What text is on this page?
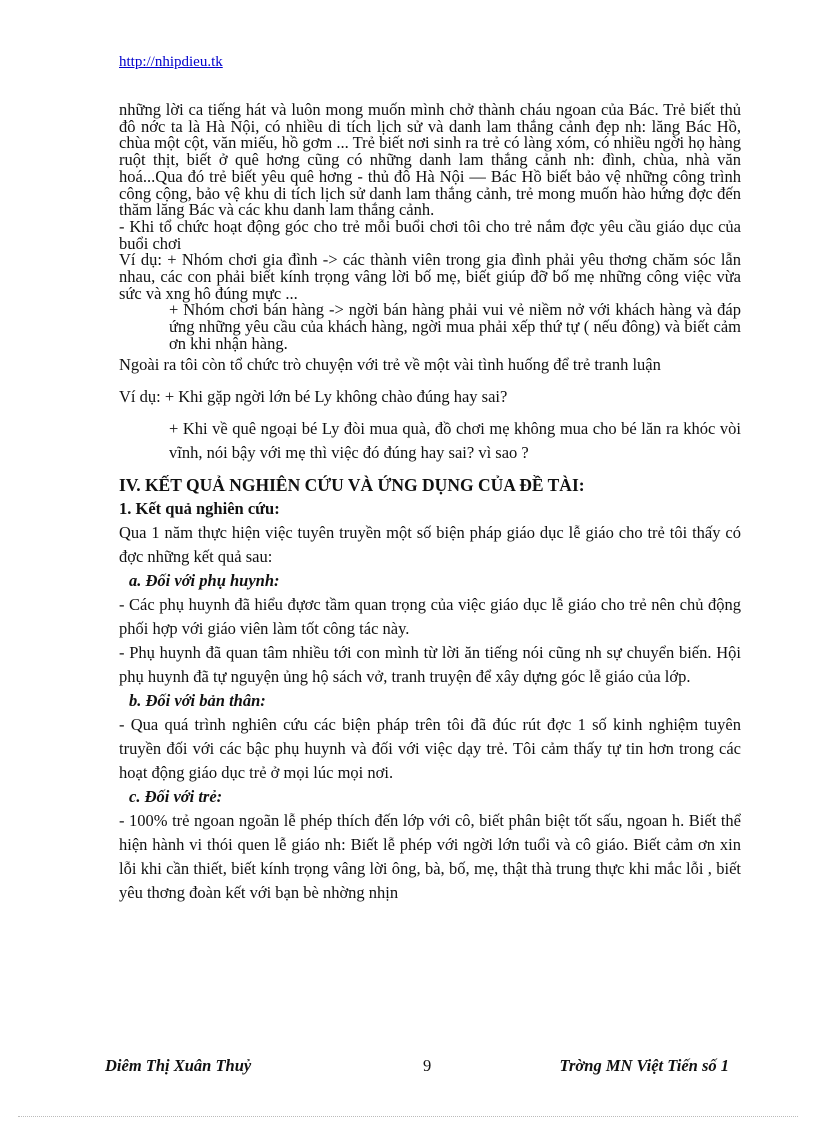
http://nhipdieu.tk

những lời ca tiếng hát và luôn mong muốn mình chở thành cháu ngoan của Bác. Trẻ biết thủ đô nớc ta là Hà Nội, có nhiều di tích lịch sử và danh lam thắng cảnh đẹp nh: lăng Bác Hồ, chùa một cột, văn miếu, hồ gơm ... Trẻ biết nơi sinh ra trẻ có làng xóm, có nhiều ngời họ hàng ruột thịt, biết ở quê hơng cũng có những danh lam thắng cảnh nh: đình, chùa, nhà văn hoá...Qua đó trẻ biết yêu quê hơng - thủ đô Hà Nội — Bác Hồ biết bảo vệ những công trình công cộng, bảo vệ khu di tích lịch sử danh lam thắng cảnh, trẻ mong muốn hào hứng đợc đến thăm lăng Bác và các khu danh lam thắng cảnh.

- Khi tổ chức hoạt động góc cho trẻ mỗi buổi chơi tôi cho trẻ nắm đợc yêu cầu giáo dục của buổi chơi

Ví dụ: + Nhóm chơi gia đình -> các thành viên trong gia đình phải yêu thơng chăm sóc lẫn nhau, các con phải biết kính trọng vâng lời bố mẹ, biết giúp đỡ bố mẹ những công việc vừa sức và xng hô đúng mực ...

+ Nhóm chơi bán hàng -> ngời bán hàng phải vui vẻ niềm nở với khách hàng và đáp ứng những yêu cầu của khách hàng, ngời mua phải xếp thứ tự ( nếu đông) và biết cảm ơn khi nhận hàng.

Ngoài ra tôi còn tổ chức trò chuyện với trẻ về một vài tình huống để trẻ tranh luận

Ví dụ: + Khi gặp ngời lớn bé Ly không chào đúng hay sai?

+ Khi về quê ngoại bé Ly đòi mua quà, đồ chơi mẹ không mua cho bé lăn ra khóc vòi vĩnh, nói bậy với mẹ thì việc đó đúng hay sai? vì sao ?

IV. KẾT QUẢ NGHIÊN CỨU VÀ ỨNG DỤNG CỦA ĐỀ TÀI:
1. Kết quả nghiên cứu:

Qua 1 năm thực hiện việc tuyên truyền một số biện pháp giáo dục lễ giáo cho trẻ tôi thấy có đợc những kết quả sau:

a. Đối với phụ huynh:

- Các phụ huynh đã hiểu đựơc tầm quan trọng của việc giáo dục lễ giáo cho trẻ nên chủ động phối hợp với giáo viên làm tốt công tác này.

- Phụ huynh đã quan tâm nhiều tới con mình từ lời ăn tiếng nói cũng nh sự chuyển biến. Hội phụ huynh đã tự nguyện ủng hộ sách vở, tranh truyện để xây dựng góc lễ giáo của lớp.

b. Đối với bản thân:

- Qua quá trình nghiên cứu các biện pháp trên tôi đã đúc rút đợc 1 số kinh nghiệm tuyên truyền đối với các bậc phụ huynh và đối với việc dạy trẻ. Tôi cảm thấy tự tin hơn trong các hoạt động giáo dục trẻ ở mọi lúc mọi nơi.

c. Đối với trẻ:

- 100% trẻ ngoan ngoãn lễ phép thích đến lớp với cô, biết phân biệt tốt sấu, ngoan h. Biết thể hiện hành vi thói quen lễ giáo nh: Biết lễ phép với ngời lớn tuổi và cô giáo. Biết cảm ơn xin lỗi khi cần thiết, biết kính trọng vâng lời ông, bà, bố, mẹ, thật thà trung thực khi mắc lỗi , biết yêu thơng đoàn kết với bạn bè nhờng nhịn

Diêm Thị Xuân Thuỷ	9	Trờng MN Việt Tiến số 1
